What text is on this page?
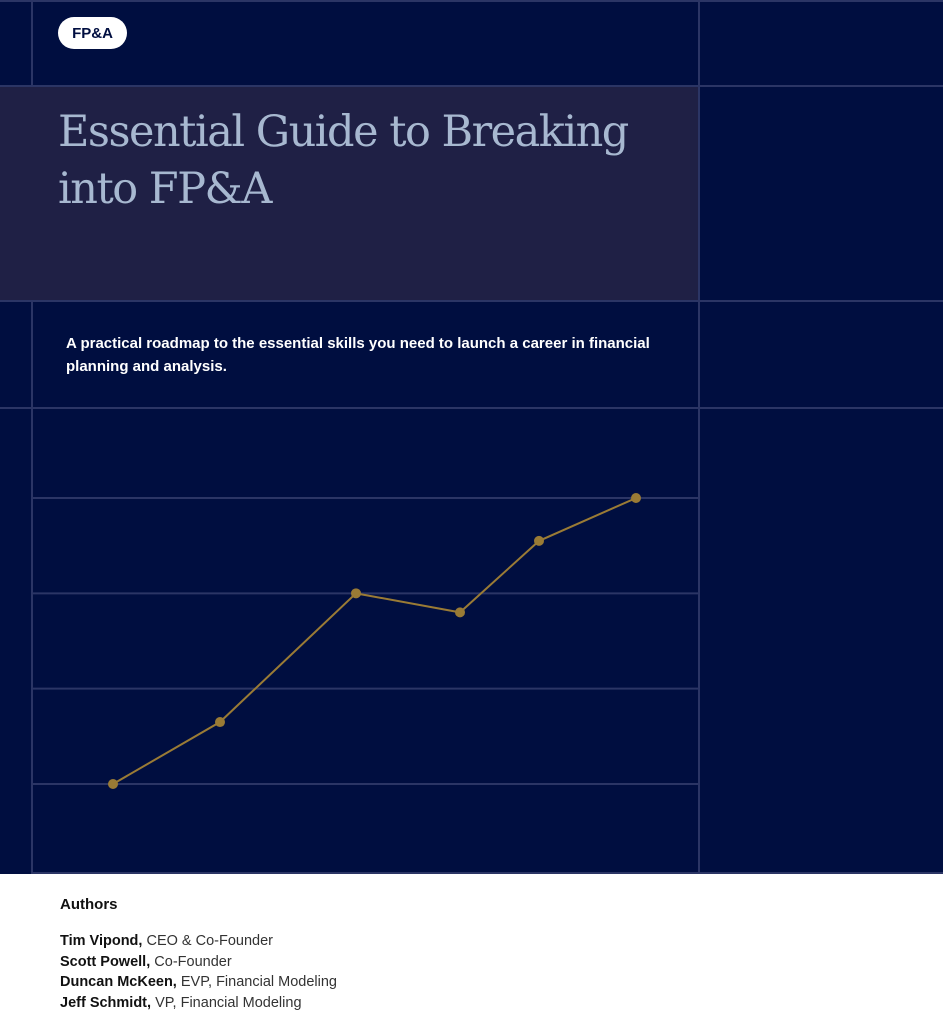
FP&A
Essential Guide to Breaking into FP&A

A practical roadmap to the essential skills you need to launch a career in financial planning and analysis.

Authors
Tim Vipond, CEO & Co-Founder
Scott Powell, Co-Founder
Duncan McKeen, EVP, Financial Modeling
Jeff Schmidt, VP, Financial Modeling
